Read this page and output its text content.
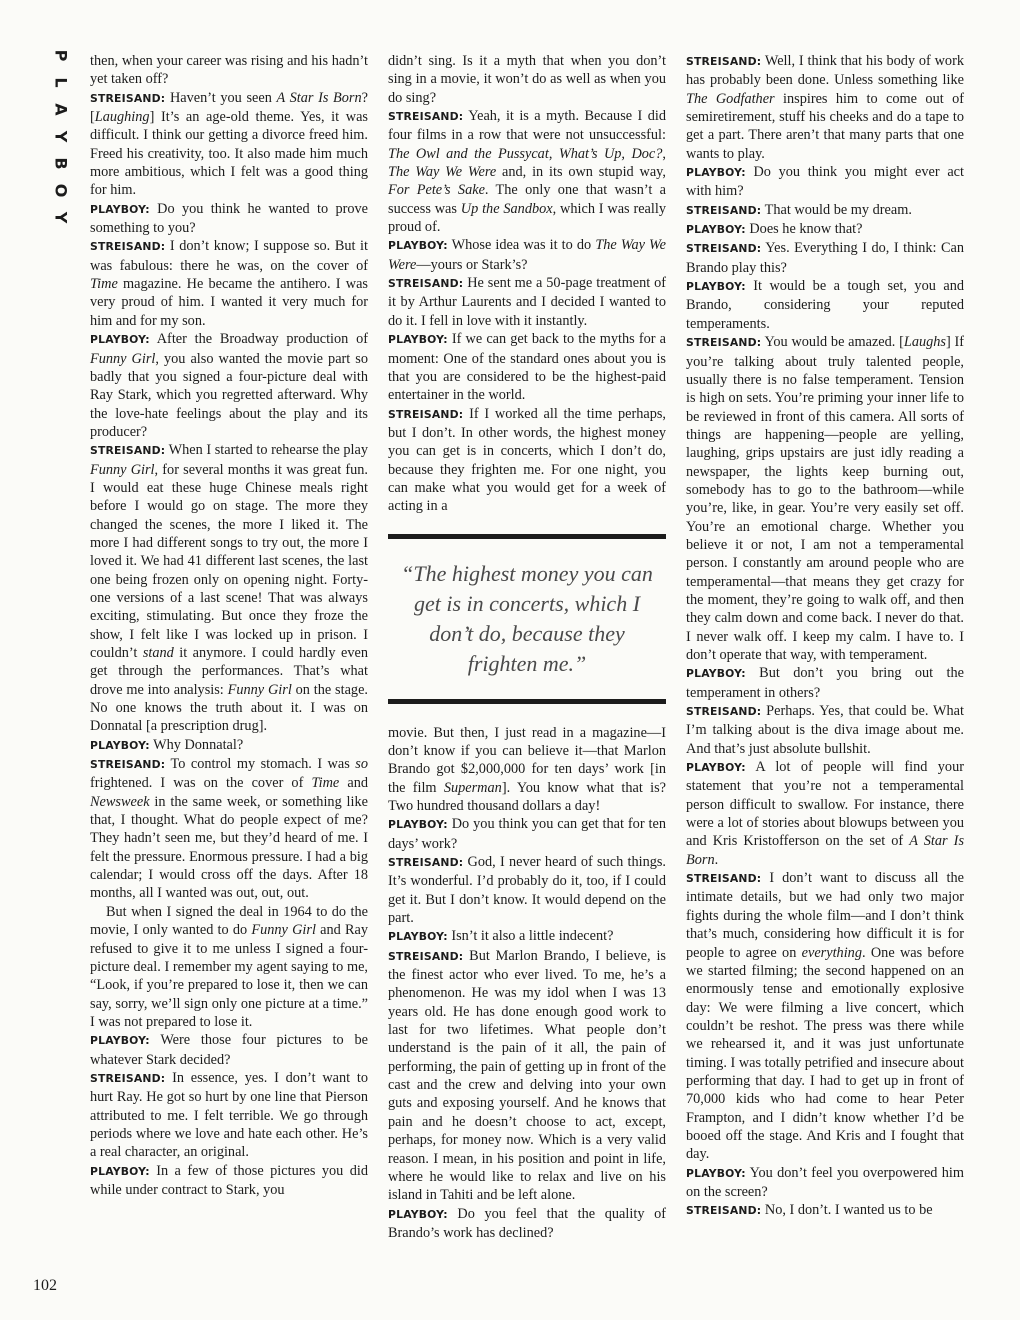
P
L
A
Y
B
O
Y
102

then, when your career was rising and his hadn’t yet taken off?

STREISAND: Haven’t you seen A Star Is Born? [Laughing] It’s an age-old theme. Yes, it was difficult. I think our getting a divorce freed him. Freed his creativity, too. It also made him much more ambitious, which I felt was a good thing for him.

PLAYBOY: Do you think he wanted to prove something to you?

STREISAND: I don’t know; I suppose so. But it was fabulous: there he was, on the cover of Time magazine. He became the antihero. I was very proud of him. I wanted it very much for him and for my son.

PLAYBOY: After the Broadway production of Funny Girl, you also wanted the movie part so badly that you signed a four-picture deal with Ray Stark, which you regretted afterward. Why the love-hate feelings about the play and its producer?

STREISAND: When I started to rehearse the play Funny Girl, for several months it was great fun. I would eat these huge Chinese meals right before I would go on stage. The more they changed the scenes, the more I liked it. The more I had different songs to try out, the more I loved it. We had 41 different last scenes, the last one being frozen only on opening night. Forty-one versions of a last scene! That was always exciting, stimulating. But once they froze the show, I felt like I was locked up in prison. I couldn’t stand it anymore. I could hardly even get through the performances. That’s what drove me into analysis: Funny Girl on the stage. No one knows the truth about it. I was on Donnatal [a prescription drug].

PLAYBOY: Why Donnatal?

STREISAND: To control my stomach. I was so frightened. I was on the cover of Time and Newsweek in the same week, or something like that, I thought. What do people expect of me? They hadn’t seen me, but they’d heard of me. I felt the pressure. Enormous pressure. I had a big calendar; I would cross off the days. After 18 months, all I wanted was out, out, out.

But when I signed the deal in 1964 to do the movie, I only wanted to do Funny Girl and Ray refused to give it to me unless I signed a four-picture deal. I remember my agent saying to me, “Look, if you’re prepared to lose it, then we can say, sorry, we’ll sign only one picture at a time.” I was not prepared to lose it.

PLAYBOY: Were those four pictures to be whatever Stark decided?

STREISAND: In essence, yes. I don’t want to hurt Ray. He got so hurt by one line that Pierson attributed to me. I felt terrible. We go through periods where we love and hate each other. He’s a real character, an original.

PLAYBOY: In a few of those pictures you did while under contract to Stark, you

didn’t sing. Is it a myth that when you don’t sing in a movie, it won’t do as well as when you do sing?

STREISAND: Yeah, it is a myth. Because I did four films in a row that were not unsuccessful: The Owl and the Pussycat, What’s Up, Doc?, The Way We Were and, in its own stupid way, For Pete’s Sake. The only one that wasn’t a success was Up the Sandbox, which I was really proud of.

PLAYBOY: Whose idea was it to do The Way We Were—yours or Stark’s?

STREISAND: He sent me a 50-page treatment of it by Arthur Laurents and I decided I wanted to do it. I fell in love with it instantly.

PLAYBOY: If we can get back to the myths for a moment: One of the standard ones about you is that you are considered to be the highest-paid entertainer in the world.

STREISAND: If I worked all the time perhaps, but I don’t. In other words, the highest money you can get is in concerts, which I don’t do, because they frighten me. For one night, you can make what you would get for a week of acting in a

“The highest money you can get is in concerts, which I don’t do, because they frighten me.”

movie. But then, I just read in a magazine—I don’t know if you can believe it—that Marlon Brando got $2,000,000 for ten days’ work [in the film Superman]. You know what that is? Two hundred thousand dollars a day!

PLAYBOY: Do you think you can get that for ten days’ work?

STREISAND: God, I never heard of such things. It’s wonderful. I’d probably do it, too, if I could get it. But I don’t know. It would depend on the part.

PLAYBOY: Isn’t it also a little indecent?

STREISAND: But Marlon Brando, I believe, is the finest actor who ever lived. To me, he’s a phenomenon. He was my idol when I was 13 years old. He has done enough good work to last for two lifetimes. What people don’t understand is the pain of it all, the pain of performing, the pain of getting up in front of the cast and the crew and delving into your own guts and exposing yourself. And he knows that pain and he doesn’t choose to act, except, perhaps, for money now. Which is a very valid reason. I mean, in his position and point in life, where he would like to relax and live on his island in Tahiti and be left alone.

PLAYBOY: Do you feel that the quality of Brando’s work has declined?

STREISAND: Well, I think that his body of work has probably been done. Unless something like The Godfather inspires him to come out of semiretirement, stuff his cheeks and do a tape to get a part. There aren’t that many parts that one wants to play.

PLAYBOY: Do you think you might ever act with him?

STREISAND: That would be my dream.

PLAYBOY: Does he know that?

STREISAND: Yes. Everything I do, I think: Can Brando play this?

PLAYBOY: It would be a tough set, you and Brando, considering your reputed temperaments.

STREISAND: You would be amazed. [Laughs] If you’re talking about truly talented people, usually there is no false temperament. Tension is high on sets. You’re priming your inner life to be reviewed in front of this camera. All sorts of things are happening—people are yelling, laughing, grips upstairs are just idly reading a newspaper, the lights keep burning out, somebody has to go to the bathroom—while you’re, like, in gear. You’re very easily set off. You’re an emotional charge. Whether you believe it or not, I am not a temperamental person. I constantly am around people who are temperamental—that means they get crazy for the moment, they’re going to walk off, and then they calm down and come back. I never do that. I never walk off. I keep my calm. I have to. I don’t operate that way, with temperament.

PLAYBOY: But don’t you bring out the temperament in others?

STREISAND: Perhaps. Yes, that could be. What I’m talking about is the diva image about me. And that’s just absolute bullshit.

PLAYBOY: A lot of people will find your statement that you’re not a temperamental person difficult to swallow. For instance, there were a lot of stories about blowups between you and Kris Kristofferson on the set of A Star Is Born.

STREISAND: I don’t want to discuss all the intimate details, but we had only two major fights during the whole film—and I don’t think that’s much, considering how difficult it is for people to agree on everything. One was before we started filming; the second happened on an enormously tense and emotionally explosive day: We were filming a live concert, which couldn’t be reshot. The press was there while we rehearsed it, and it was just unfortunate timing. I was totally petrified and insecure about performing that day. I had to get up in front of 70,000 kids who had come to hear Peter Frampton, and I didn’t know whether I’d be booed off the stage. And Kris and I fought that day.

PLAYBOY: You don’t feel you overpowered him on the screen?

STREISAND: No, I don’t. I wanted us to be
